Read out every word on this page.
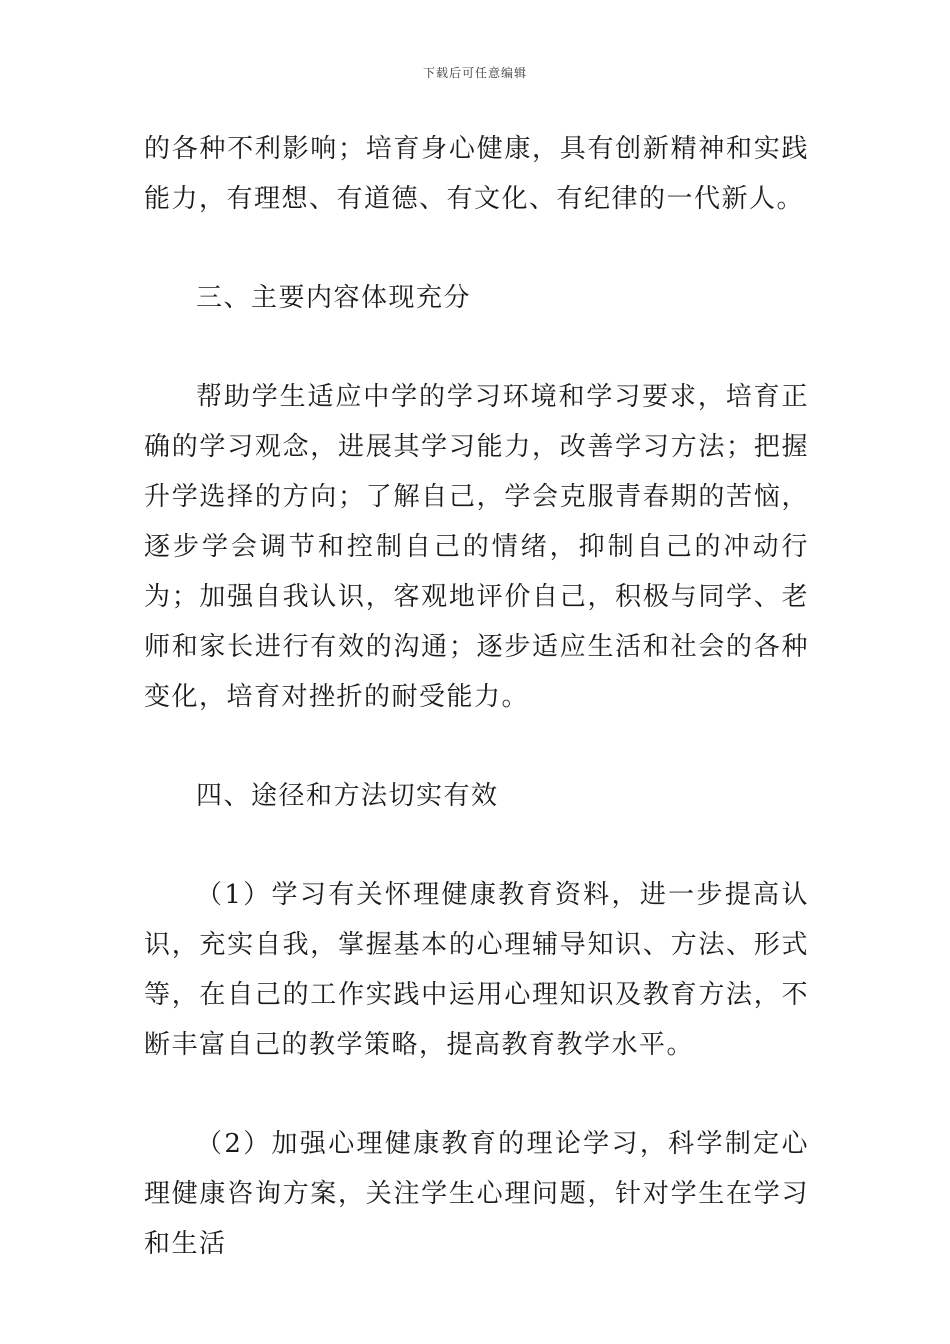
下载后可任意编辑

的各种不利影响；培育身心健康，具有创新精神和实践能力，有理想、有道德、有文化、有纪律的一代新人。

三、主要内容体现充分

帮助学生适应中学的学习环境和学习要求，培育正确的学习观念，进展其学习能力，改善学习方法；把握升学选择的方向；了解自己，学会克服青春期的苦恼，逐步学会调节和控制自己的情绪，抑制自己的冲动行为；加强自我认识，客观地评价自己，积极与同学、老师和家长进行有效的沟通；逐步适应生活和社会的各种变化，培育对挫折的耐受能力。

四、途径和方法切实有效

（1）学习有关怀理健康教育资料，进一步提高认识，充实自我，掌握基本的心理辅导知识、方法、形式等，在自己的工作实践中运用心理知识及教育方法，不断丰富自己的教学策略，提高教育教学水平。

（2）加强心理健康教育的理论学习，科学制定心理健康咨询方案，关注学生心理问题，针对学生在学习和生活
